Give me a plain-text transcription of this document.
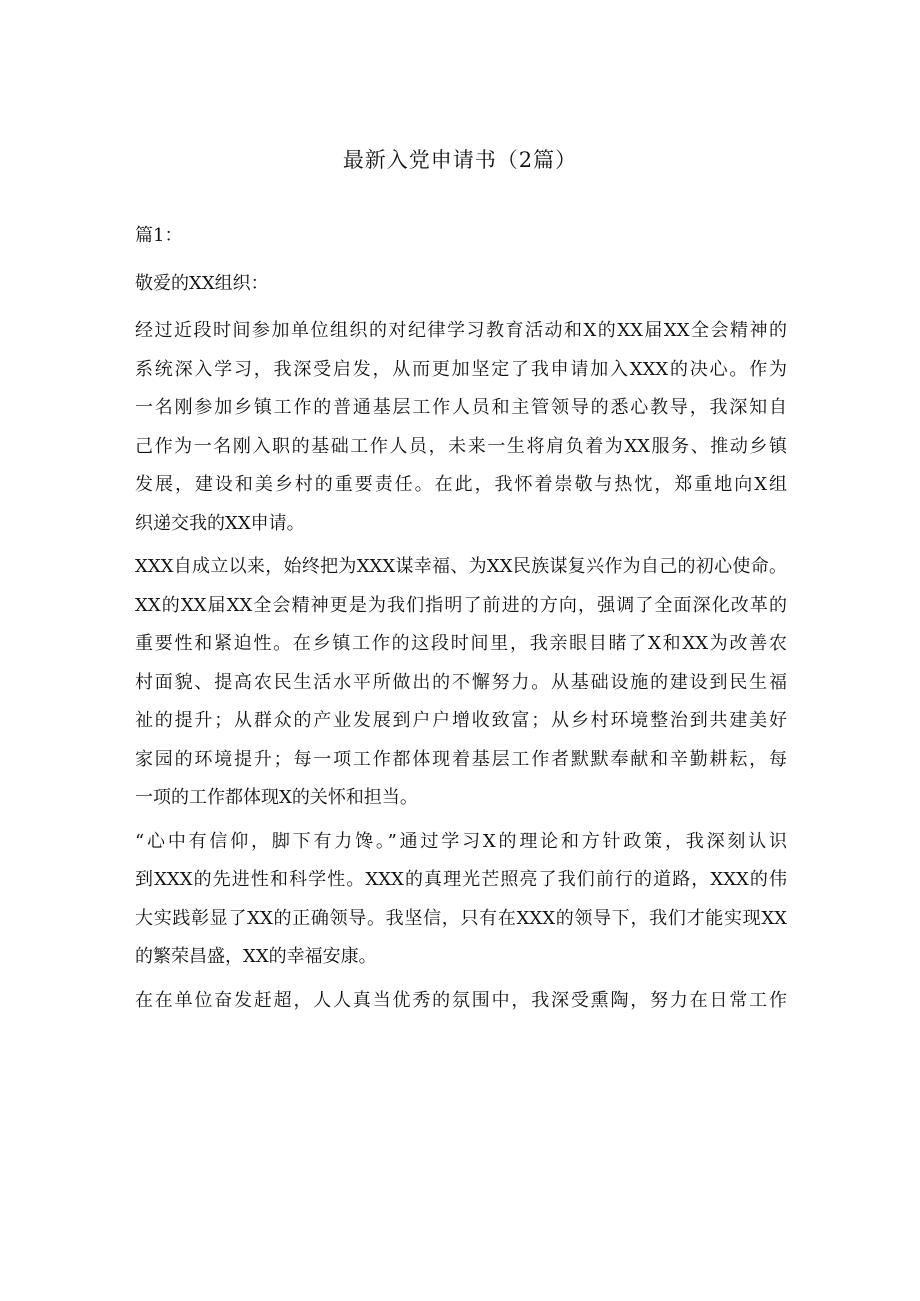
最新入党申请书（2篇）
篇1：
敬爱的XX组织：

经过近段时间参加单位组织的对纪律学习教育活动和X的XX届XX全会精神的
系统深入学习，我深受启发，从而更加坚定了我申请加入XXX的决心。作为
一名刚参加乡镇工作的普通基层工作人员和主管领导的悉心教导，我深知自
己作为一名刚入职的基础工作人员，未来一生将肩负着为XX服务、推动乡镇
发展，建设和美乡村的重要责任。在此，我怀着崇敬与热忱，郑重地向X组
织递交我的XX申请。

XXX自成立以来，始终把为XXX谋幸福、为XX民族谋复兴作为自己的初心使命。
XX的XX届XX全会精神更是为我们指明了前进的方向，强调了全面深化改革的
重要性和紧迫性。在乡镇工作的这段时间里，我亲眼目睹了X和XX为改善农
村面貌、提高农民生活水平所做出的不懈努力。从基础设施的建设到民生福
祉的提升；从群众的产业发展到户户增收致富；从乡村环境整治到共建美好
家园的环境提升；每一项工作都体现着基层工作者默默奉献和辛勤耕耘，每
一项的工作都体现X的关怀和担当。

“心中有信仰，脚下有力馋。”通过学习X的理论和方针政策，我深刻认识
到XXX的先进性和科学性。XXX的真理光芒照亮了我们前行的道路，XXX的伟
大实践彰显了XX的正确领导。我坚信，只有在XXX的领导下，我们才能实现XX
的繁荣昌盛，XX的幸福安康。

在在单位奋发赶超，人人真当优秀的氛围中，我深受熏陶，努力在日常工作
